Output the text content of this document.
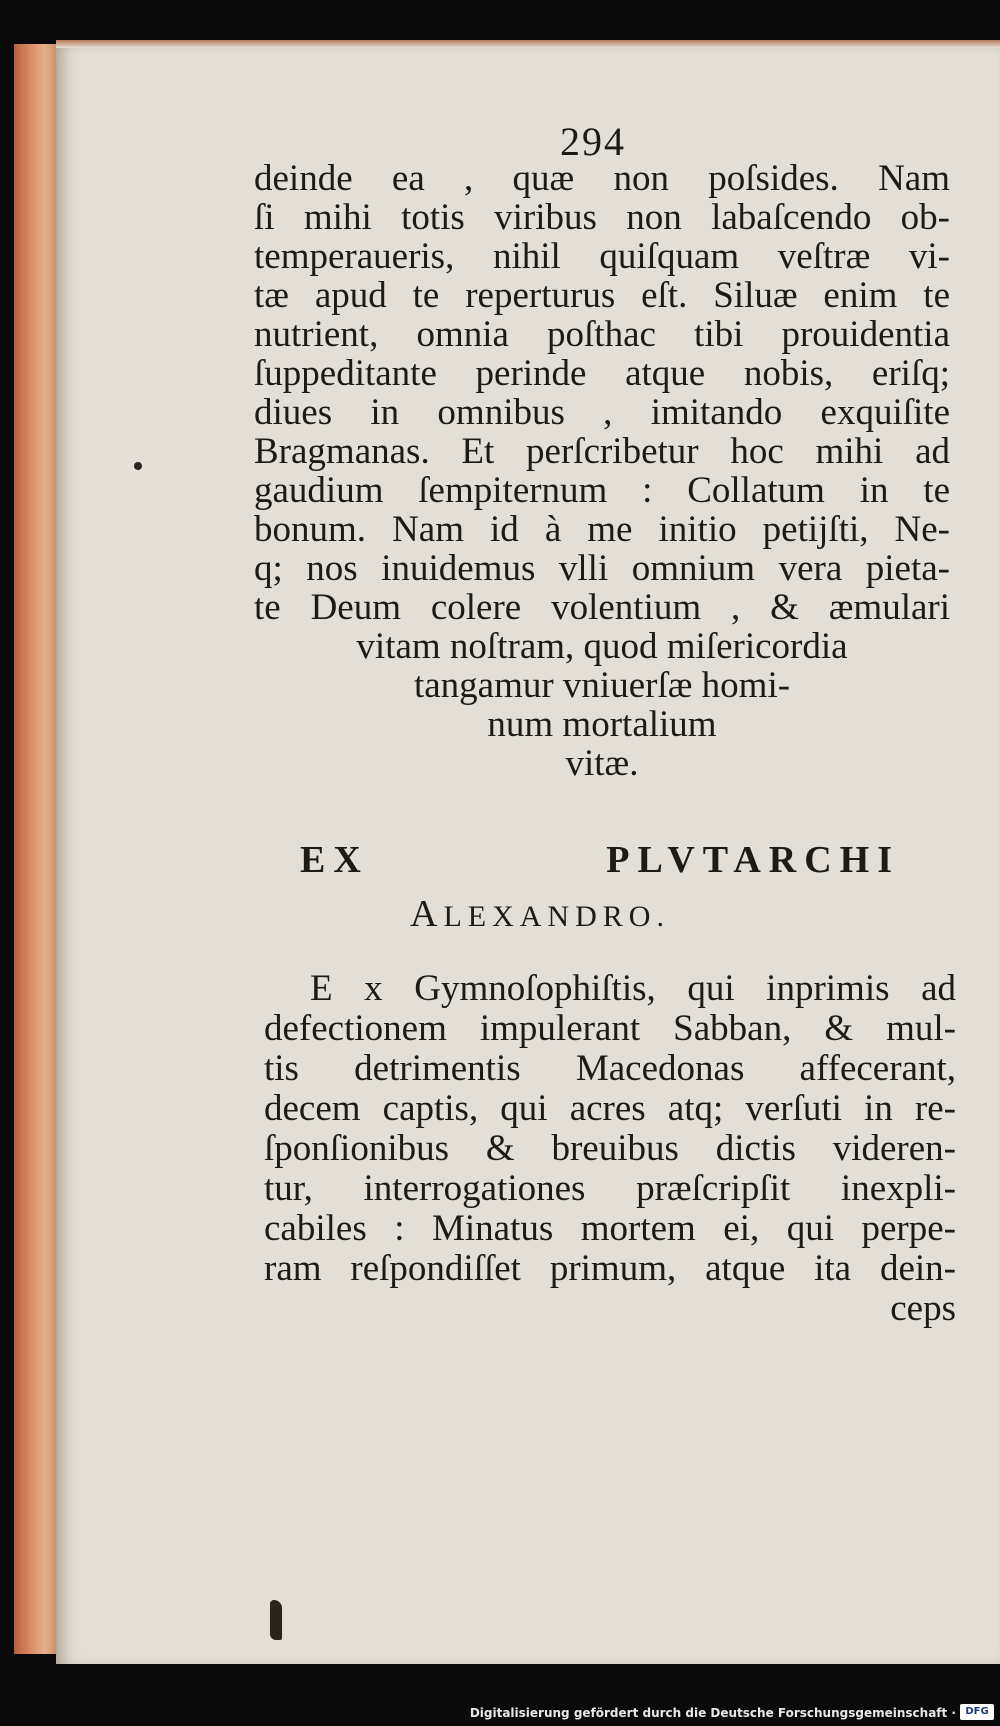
294
deinde ea , quæ non poſsides. Nam
ſi mihi totis viribus non labaſcendo ob-
temperaueris, nihil quiſquam veſtræ vi-
tæ apud te reperturus eſt. Siluæ enim te
nutrient, omnia poſthac tibi prouidentia
ſuppeditante perinde atque nobis, eriſq;
diues in omnibus , imitando exquiſite
Bragmanas. Et perſcribetur hoc mihi ad
gaudium ſempiternum : Collatum in te
bonum. Nam id à me initio petijſti, Ne-
q; nos inuidemus vlli omnium vera pieta-
te Deum colere volentium , & æmulari
vitam noſtram, quod miſericordia
tangamur vniuerſæ homi-
num mortalium
vitæ.
EX PLVTARCHI
ALEXANDRO.
E x Gymnoſophiſtis, qui inprimis ad
defectionem impulerant Sabban, & mul-
tis detrimentis Macedonas affecerant,
decem captis, qui acres atq; verſuti in re-
ſponſionibus & breuibus dictis videren-
tur, interrogationes præſcripſit inexpli-
cabiles : Minatus mortem ei, qui perpe-
ram reſpondiſſet primum, atque ita dein-
ceps
Digitalisierung gefördert durch die Deutsche Forschungsgemeinschaft · DFG
